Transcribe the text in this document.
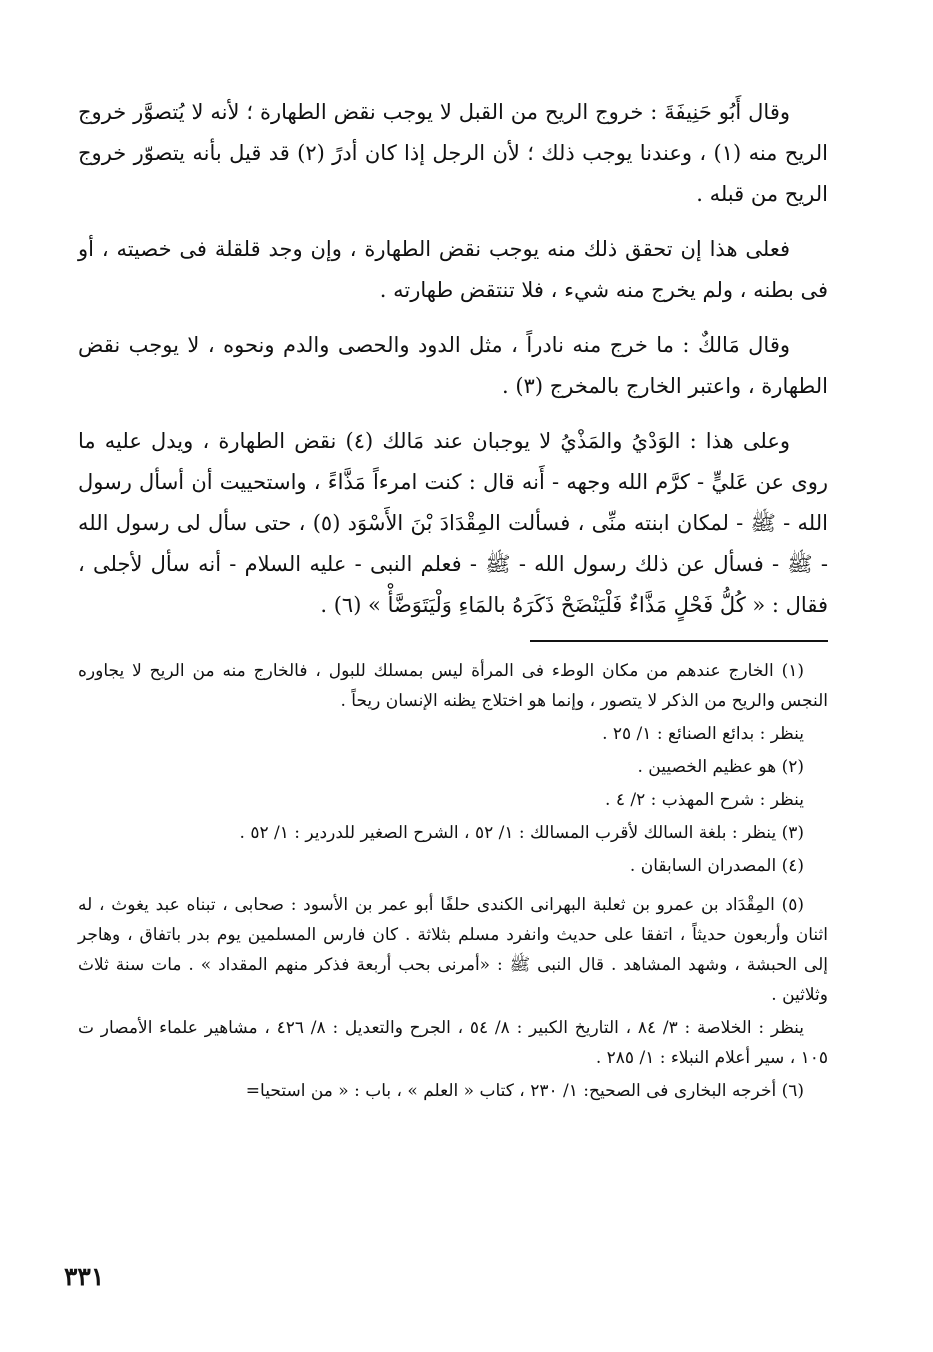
وقال أَبُو حَنِيفَةَ : خروج الريح من القبل لا يوجب نقض الطهارة ؛ لأنه لا يُتصوَّر خروج الريح منه (١) ، وعندنا يوجب ذلك ؛ لأن الرجل إذا كان أدرً (٢) قد قيل بأنه يتصوّر خروج الريح من قبله .

فعلى هذا إن تحقق ذلك منه يوجب نقض الطهارة ، وإن وجد قلقلة فى خصيته ، أو فى بطنه ، ولم يخرج منه شيء ، فلا تنتقض طهارته .

وقال مَالكٌ : ما خرج منه نادراً ، مثل الدود والحصى والدم ونحوه ، لا يوجب نقض الطهارة ، واعتبر الخارج بالمخرج (٣) .

وعلى هذا : الوَدْيُ والمَذْيُ لا يوجبان عند مَالك (٤) نقض الطهارة ، ويدل عليه ما روى عن عَليٍّ - كرَّم الله وجهه - أَنه قال : كنت امرءاً مَذَّاءً ، واستحييت أن أسأل رسول الله - ﷺ - لمكان ابنته منِّى ، فسألت المِقْدَادَ بْنَ الأَسْوَد (٥) ، حتى سأل لى رسول الله - ﷺ - فسأل عن ذلك رسول الله - ﷺ - فعلم النبى - عليه السلام - أنه سأل لأجلى ، فقال : « كُلُّ فَحْلٍ مَذَّاءٌ فَلْيَنْضَحْ ذَكَرَهُ بالمَاءِ وَلْيَتَوَضَّأْ » (٦) .

(١) الخارج عندهم من مكان الوطء فى المرأة ليس بمسلك للبول ، فالخارج منه من الريح لا يجاوره النجس والريح من الذكر لا يتصور ، وإنما هو اختلاج يظنه الإنسان ريحاً .

ينظر : بدائع الصنائع : ١/ ٢٥ .

(٢) هو عظيم الخصيين .

ينظر : شرح المهذب : ٢/ ٤ .

(٣) ينظر : بلغة السالك لأقرب المسالك : ١/ ٥٢ ، الشرح الصغير للدردير : ١/ ٥٢ .

(٤) المصدران السابقان .

(٥) المِقْدَاد بن عمرو بن ثعلبة البهرانى الكندى حلفًا أبو عمر بن الأسود : صحابى ، تبناه عبد يغوث ، له اثنان وأربعون حديثاً ، اتفقا على حديث وانفرد مسلم بثلاثة . كان فارس المسلمين يوم بدر باتفاق ، وهاجر إلى الحبشة ، وشهد المشاهد . قال النبى ﷺ : «أمرنى بحب أربعة فذكر منهم المقداد » . مات سنة ثلاث وثلاثين .

ينظر : الخلاصة : ٣/ ٨٤ ، التاريخ الكبير : ٨/ ٥٤ ، الجرح والتعديل : ٨/ ٤٢٦ ، مشاهير علماء الأمصار ت ١٠٥ ، سير أعلام النبلاء : ١/ ٢٨٥ .

(٦) أخرجه البخارى فى الصحيح: ١/ ٢٣٠ ، كتاب « العلم » ، باب : « من استحيا=

٣٣١
